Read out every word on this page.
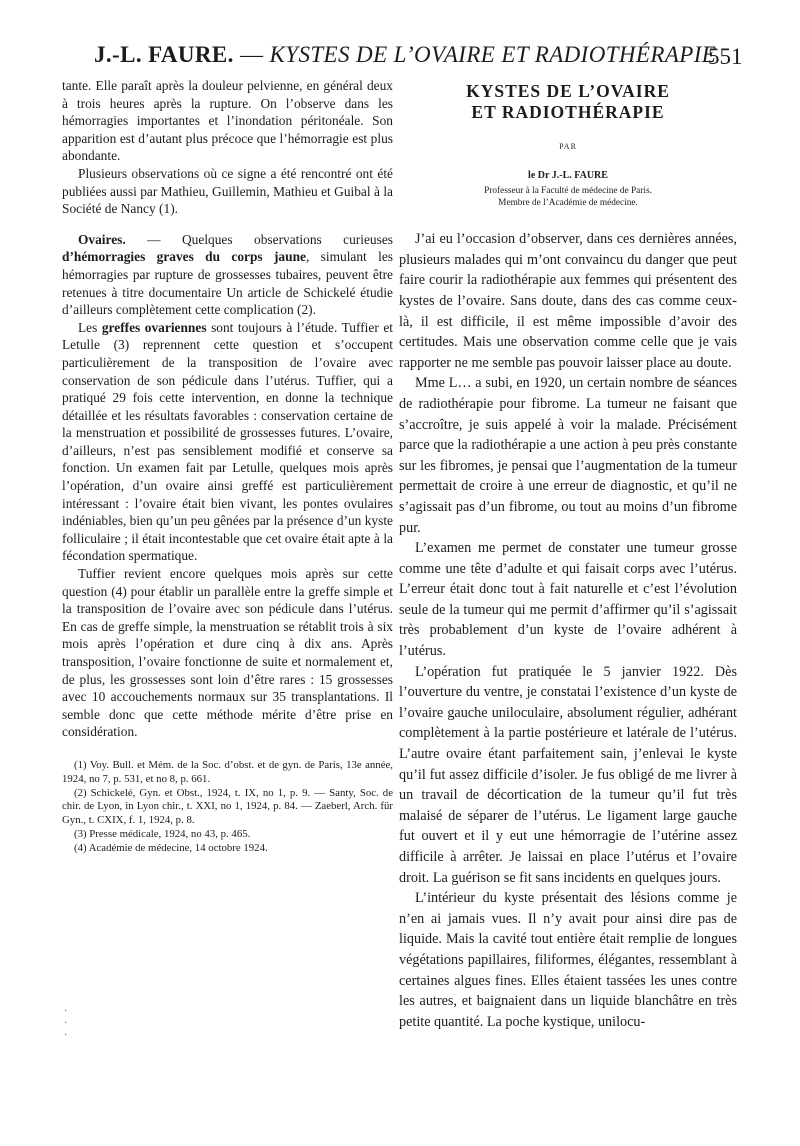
J.-L. FAURE. — KYSTES DE L’OVAIRE ET RADIOTHÉRAPIE
551

tante. Elle paraît après la douleur pelvienne, en général deux à trois heures après la rupture. On l’observe dans les hémorragies importantes et l’inondation péritonéale. Son apparition est d’autant plus précoce que l’hémorragie est plus abondante.

Plusieurs observations où ce signe a été rencontré ont été publiées aussi par Mathieu, Guillemin, Mathieu et Guibal à la Société de Nancy (1).

Ovaires. — Quelques observations curieuses d’hémorragies graves du corps jaune, simulant les hémorragies par rupture de grossesses tubaires, peuvent être retenues à titre documentaire Un article de Schickelé étudie d’ailleurs complètement cette complication (2).

Les greffes ovariennes sont toujours à l’étude. Tuffier et Letulle (3) reprennent cette question et s’occupent particulièrement de la transposition de l’ovaire avec conservation de son pédicule dans l’utérus. Tuffier, qui a pratiqué 29 fois cette intervention, en donne la technique détaillée et les résultats favorables : conservation certaine de la menstruation et possibilité de grossesses futures. L’ovaire, d’ailleurs, n’est pas sensiblement modifié et conserve sa fonction. Un examen fait par Letulle, quelques mois après l’opération, d’un ovaire ainsi greffé est particulièrement intéressant : l’ovaire était bien vivant, les pontes ovulaires indéniables, bien qu’un peu gênées par la présence d’un kyste folliculaire ; il était incontestable que cet ovaire était apte à la fécondation spermatique.

Tuffier revient encore quelques mois après sur cette question (4) pour établir un parallèle entre la greffe simple et la transposition de l’ovaire avec son pédicule dans l’utérus. En cas de greffe simple, la menstruation se rétablit trois à six mois après l’opération et dure cinq à dix ans. Après transposition, l’ovaire fonctionne de suite et normalement et, de plus, les grossesses sont loin d’être rares : 15 grossesses avec 10 accouchements normaux sur 35 transplantations. Il semble donc que cette méthode mérite d’être prise en considération.

(1) Voy. Bull. et Mém. de la Soc. d’obst. et de gyn. de Paris, 13e année, 1924, no 7, p. 531, et no 8, p. 661.

(2) Schickelé, Gyn. et Obst., 1924, t. IX, no 1, p. 9. — Santy, Soc. de chir. de Lyon, in Lyon chir., t. XXI, no 1, 1924, p. 84. — Zaeberl, Arch. für Gyn., t. CXIX, f. 1, 1924, p. 8.

(3) Presse médicale, 1924, no 43, p. 465.

(4) Académie de médecine, 14 octobre 1924.

·
·
·
KYSTES DE L’OVAIRE
ET RADIOTHÉRAPIE
PAR
le Dr J.-L. FAURE
Professeur à la Faculté de médecine de Paris.
Membre de l’Académie de médecine.

J’ai eu l’occasion d’observer, dans ces dernières années, plusieurs malades qui m’ont convaincu du danger que peut faire courir la radiothérapie aux femmes qui présentent des kystes de l’ovaire. Sans doute, dans des cas comme ceux-là, il est difficile, il est même impossible d’avoir des certitudes. Mais une observation comme celle que je vais rapporter ne me semble pas pouvoir laisser place au doute.

Mme L… a subi, en 1920, un certain nombre de séances de radiothérapie pour fibrome. La tumeur ne faisant que s’accroître, je suis appelé à voir la malade. Précisément parce que la radiothérapie a une action à peu près constante sur les fibromes, je pensai que l’augmentation de la tumeur permettait de croire à une erreur de diagnostic, et qu’il ne s’agissait pas d’un fibrome, ou tout au moins d’un fibrome pur.

L’examen me permet de constater une tumeur grosse comme une tête d’adulte et qui faisait corps avec l’utérus. L’erreur était donc tout à fait naturelle et c’est l’évolution seule de la tumeur qui me permit d’affirmer qu’il s’agissait très probablement d’un kyste de l’ovaire adhérent à l’utérus.

L’opération fut pratiquée le 5 janvier 1922. Dès l’ouverture du ventre, je constatai l’existence d’un kyste de l’ovaire gauche uniloculaire, absolument régulier, adhérant complètement à la partie postérieure et latérale de l’utérus. L’autre ovaire étant parfaitement sain, j’enlevai le kyste qu’il fut assez difficile d’isoler. Je fus obligé de me livrer à un travail de décortication de la tumeur qu’il fut très malaisé de séparer de l’utérus. Le ligament large gauche fut ouvert et il y eut une hémorragie de l’utérine assez difficile à arrêter. Je laissai en place l’utérus et l’ovaire droit. La guérison se fit sans incidents en quelques jours.

L’intérieur du kyste présentait des lésions comme je n’en ai jamais vues. Il n’y avait pour ainsi dire pas de liquide. Mais la cavité tout entière était remplie de longues végétations papillaires, filiformes, élégantes, ressemblant à certaines algues fines. Elles étaient tassées les unes contre les autres, et baignaient dans un liquide blanchâtre en très petite quantité. La poche kystique, unilocu-
